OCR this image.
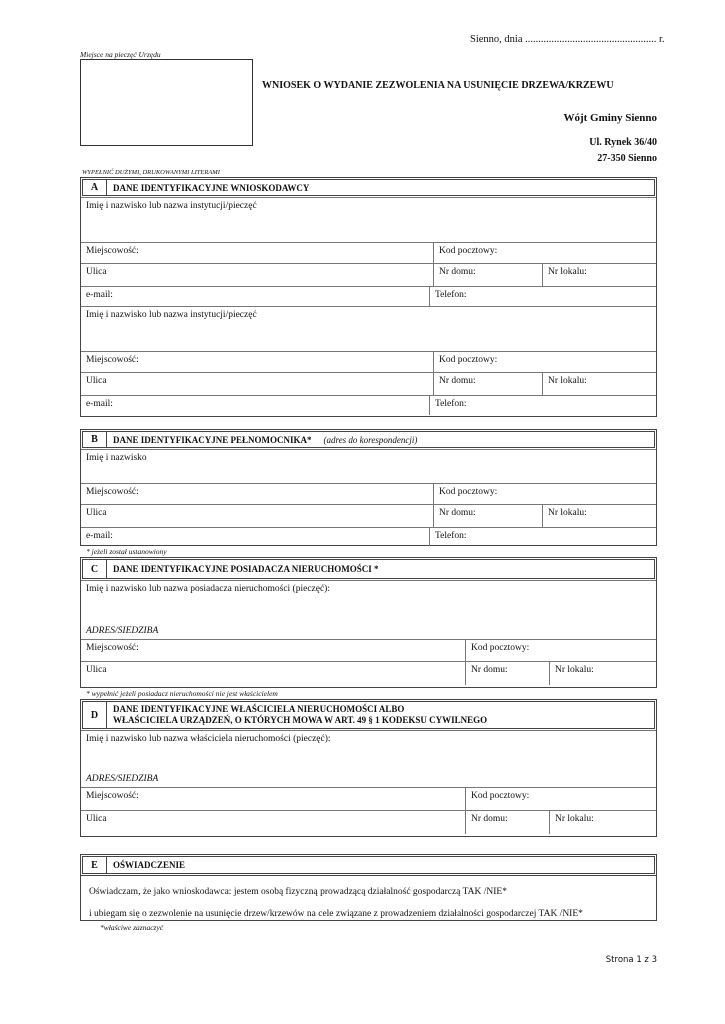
Sienno, dnia .................................................. r.
Miejsce na pieczęć Urzędu
WNIOSEK O WYDANIE ZEZWOLENIA NA USUNIĘCIE DRZEWA/KRZEWU
Wójt Gminy Sienno
Ul. Rynek 36/40
27-350 Sienno
WYPEŁNIĆ DUŻYMI, DRUKOWANYMI LITERAMI
A	DANE IDENTYFIKACYJNE WNIOSKODAWCY
Imię i nazwisko lub nazwa instytucji/pieczęć
Miejscowość:	Kod pocztowy:
Ulica	Nr domu:	Nr lokalu:
e-mail:	Telefon:
Imię i nazwisko lub nazwa instytucji/pieczęć
Miejscowość:	Kod pocztowy:
Ulica	Nr domu:	Nr lokalu:
e-mail:	Telefon:
B	DANE IDENTYFIKACYJNE PEŁNOMOCNIKA* (adres do korespondencji)
Imię i nazwisko
Miejscowość:	Kod pocztowy:
Ulica	Nr domu:	Nr lokalu:
e-mail:	Telefon:
* jeżeli został ustanowiony
C	DANE IDENTYFIKACYJNE POSIADACZA NIERUCHOMOŚCI *
Imię i nazwisko lub nazwa posiadacza nieruchomości (pieczęć):
ADRES/SIEDZIBA
Miejscowość:	Kod pocztowy:
Ulica	Nr domu:	Nr lokalu:
* wypełnić jeżeli posiadacz nieruchomości nie jest właścicielem
D
DANE IDENTYFIKACYJNE WŁAŚCICIELA NIERUCHOMOŚCI ALBO
WŁAŚCICIELA URZĄDZEŃ, O KTÓRYCH MOWA W ART. 49 § 1 KODEKSU CYWILNEGO
Imię i nazwisko lub nazwa właściciela nieruchomości (pieczęć):
ADRES/SIEDZIBA
Miejscowość:	Kod pocztowy:
Ulica	Nr domu:	Nr lokalu:
E	OŚWIADCZENIE
Oświadczam, że jako wnioskodawca: jestem osobą fizyczną prowadzącą działalność gospodarczą TAK /NIE*
i ubiegam się o zezwolenie na usunięcie drzew/krzewów na cele związane z prowadzeniem działalności gospodarczej TAK /NIE*
*właściwe zaznaczyć
Strona 1 z 3
